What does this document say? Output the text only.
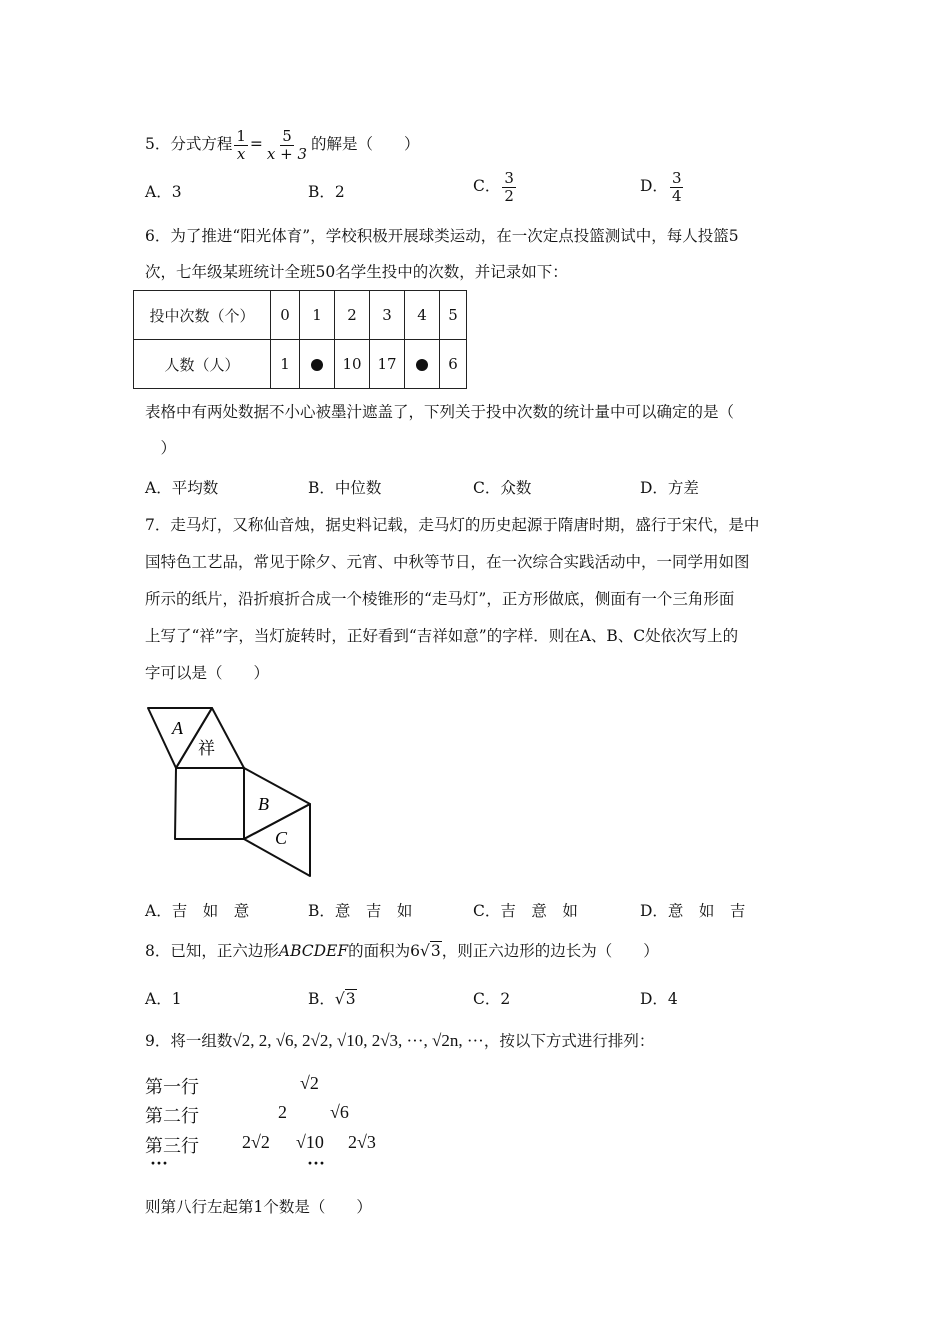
5．分式方程 $\frac{1}{x} = \frac{5}{x + 3}$ 的解是（　　）
A．3	B．2	C． $\frac{3}{2}$	D． $\frac{3}{4}$
6．为了推进“阳光体育”，学校积极开展球类运动，在一次定点投篮测试中，每人投篮5
次，七年级某班统计全班50名学生投中的次数，并记录如下：
投中次数（个）	0	1	2	3	4	5
人数（人）	1		10	17		6
表格中有两处数据不小心被墨汁遮盖了，下列关于投中次数的统计量中可以确定的是（
　）
A．平均数	B．中位数	C．众数	D．方差
7．走马灯，又称仙音烛，据史料记载，走马灯的历史起源于隋唐时期，盛行于宋代，是中
国特色工艺品，常见于除夕、元宵、中秋等节日，在一次综合实践活动中，一同学用如图
所示的纸片，沿折痕折合成一个棱锥形的“走马灯”，正方形做底，侧面有一个三角形面
上写了“祥”字，当灯旋转时，正好看到“吉祥如意”的字样．则在A、B、C处依次写上的
字可以是（　　）
A
祥
B
C
A．吉　如　意	B．意　吉　如	C．吉　意　如	D．意　如　吉
8．已知，正六边形ABCDEF的面积为6√3，则正六边形的边长为（　　）
A．1	B．√3	C．2	D．4
9．将一组数√2, 2, √6, 2√2, √10, 2√3, ···, √2n, ···，按以下方式进行排列：
第一行	√2
第二行	2 √6
第三行 2√2 √10 2√3
···	···
则第八行左起第1个数是（　　）
